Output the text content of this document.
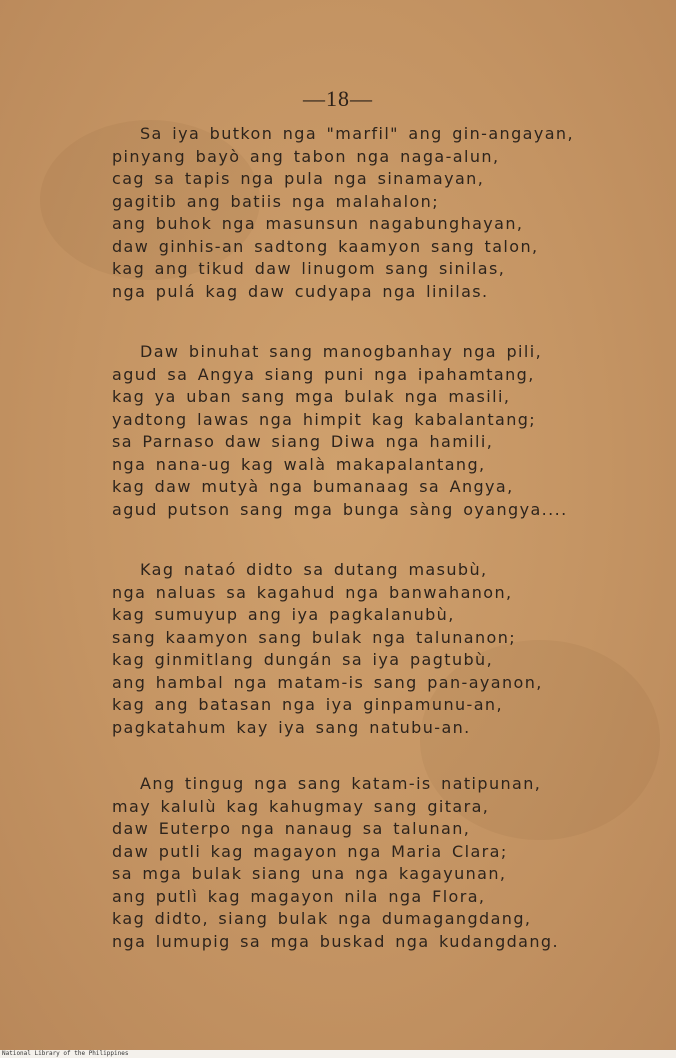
—18—
Sa iya butkon nga "marfil" ang gin-angayan,
pinyang bayò ang tabon nga naga-alun,
cag sa tapis nga pula nga sinamayan,
gagitib ang batiis nga malahalon;
ang buhok nga masunsun nagabunghayan,
daw ginhis-an sadtong kaamyon sang talon,
kag ang tikud daw linugom sang sinilas,
nga pulá kag daw cudyapa nga linilas.
Daw binuhat sang manogbanhay nga pili,
agud sa Angya siang puni nga ipahamtang,
kag ya uban sang mga bulak nga masili,
yadtong lawas nga himpit kag kabalantang;
sa Parnaso daw siang Diwa nga hamili,
nga nana-ug kag walà makapalantang,
kag daw mutyà nga bumanaag sa Angya,
agud putson sang mga bunga sàng oyangya....
Kag nataó didto sa dutang masubù,
nga naluas sa kagahud nga banwahanon,
kag sumuyup ang iya pagkalanubù,
sang kaamyon sang bulak nga talunanon;
kag ginmitlang dungán sa iya pagtubù,
ang hambal nga matam-is sang pan-ayanon,
kag ang batasan nga iya ginpamunu-an,
pagkatahum kay iya sang natubu-an.
Ang tingug nga sang katam-is natipunan,
may kalulù kag kahugmay sang gitara,
daw Euterpo nga nanaug sa talunan,
daw putli kag magayon nga Maria Clara;
sa mga bulak siang una nga kagayunan,
ang putlì kag magayon nila nga Flora,
kag didto, siang bulak nga dumagangdang,
nga lumupig sa mga buskad nga kudangdang.
National Library of the Philippines
